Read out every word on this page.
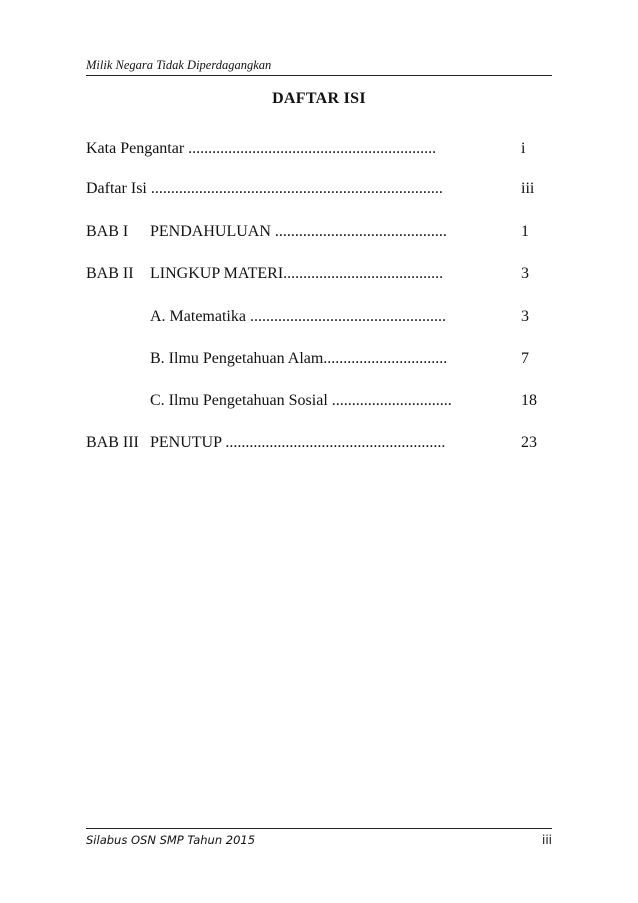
Milik Negara Tidak Diperdagangkan
DAFTAR ISI
Kata Pengantar ..............................................................	i
Daftar Isi .........................................................................	iii
BAB I PENDAHULUAN ...........................................	1
BAB II LINGKUP MATERI........................................	3
A. Matematika .................................................	3
B. Ilmu Pengetahuan Alam...............................	7
C. Ilmu Pengetahuan Sosial ..............................	18
BAB III PENUTUP .......................................................	23
Silabus OSN SMP Tahun 2015	iii
